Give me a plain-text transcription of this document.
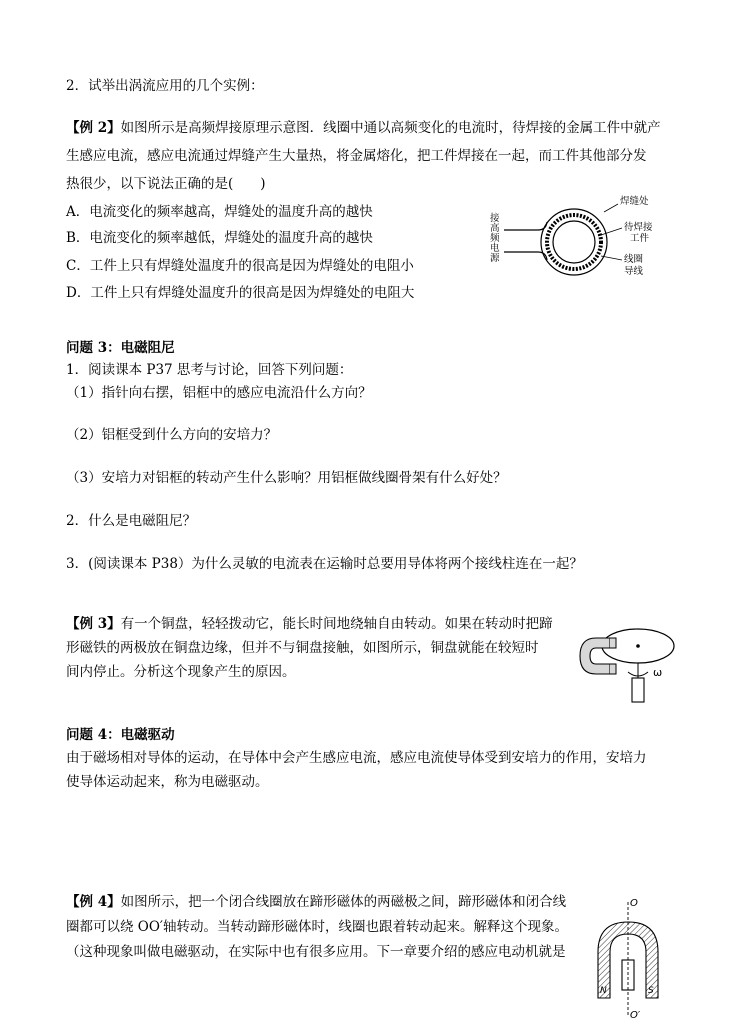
2．试举出涡流应用的几个实例：
【例 2】如图所示是高频焊接原理示意图．线圈中通以高频变化的电流时，待焊接的金属工件中就产
生感应电流，感应电流通过焊缝产生大量热，将金属熔化，把工件焊接在一起，而工件其他部分发
热很少，以下说法正确的是(　　)
A．电流变化的频率越高，焊缝处的温度升高的越快
B．电流变化的频率越低，焊缝处的温度升高的越快
C．工件上只有焊缝处温度升的很高是因为焊缝处的电阻小
D．工件上只有焊缝处温度升的很高是因为焊缝处的电阻大
接高频电源
焊缝处
待焊接
工件
线圈
导线
问题 3：电磁阻尼
1．阅读课本 P37 思考与讨论，回答下列问题：
（1）指针向右摆，铝框中的感应电流沿什么方向？
（2）铝框受到什么方向的安培力？
（3）安培力对铝框的转动产生什么影响？用铝框做线圈骨架有什么好处？
2．什么是电磁阻尼？
3．(阅读课本 P38）为什么灵敏的电流表在运输时总要用导体将两个接线柱连在一起？
【例 3】有一个铜盘，轻轻拨动它，能长时间地绕轴自由转动。如果在转动时把蹄
形磁铁的两极放在铜盘边缘，但并不与铜盘接触，如图所示，铜盘就能在较短时
间内停止。分析这个现象产生的原因。	ω
问题 4：电磁驱动
由于磁场相对导体的运动，在导体中会产生感应电流，感应电流使导体受到安培力的作用，安培力
使导体运动起来，称为电磁驱动。
【例 4】如图所示，把一个闭合线圈放在蹄形磁体的两磁极之间，蹄形磁体和闭合线
圈都可以绕 OO′轴转动。当转动蹄形磁体时，线圈也跟着转动起来。解释这个现象。
（这种现象叫做电磁驱动，在实际中也有很多应用。下一章要介绍的感应电动机就是
O
O′
N	S
